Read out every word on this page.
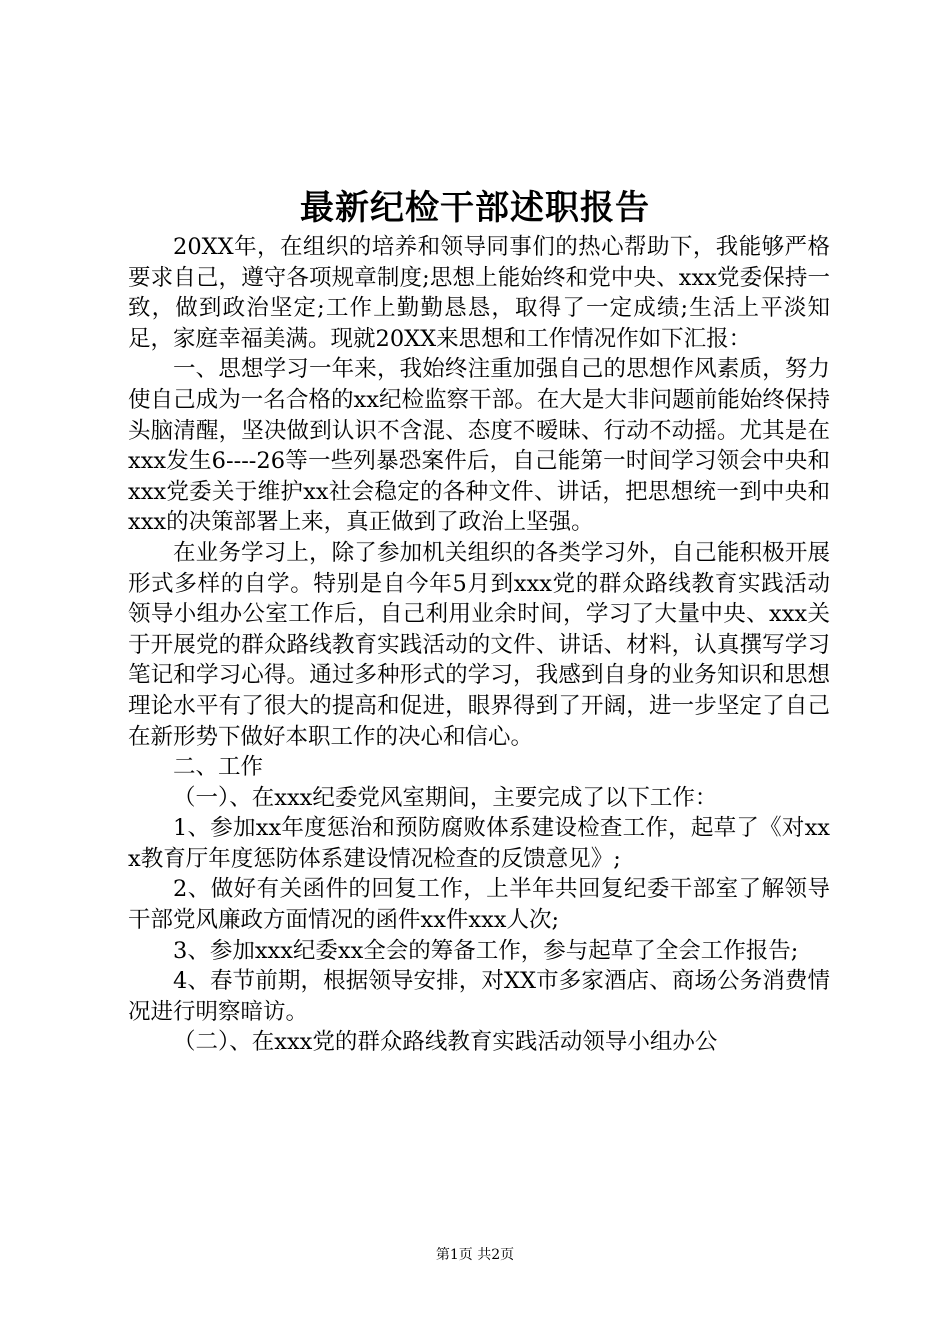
最新纪检干部述职报告

20XX年，在组织的培养和领导同事们的热心帮助下，我能够严格要求自己，遵守各项规章制度;思想上能始终和党中央、xxx党委保持一致，做到政治坚定;工作上勤勤恳恳，取得了一定成绩;生活上平淡知足，家庭幸福美满。现就20XX来思想和工作情况作如下汇报：

一、思想学习一年来，我始终注重加强自己的思想作风素质，努力使自己成为一名合格的xx纪检监察干部。在大是大非问题前能始终保持头脑清醒，坚决做到认识不含混、态度不暧昧、行动不动摇。尤其是在xxx发生6----26等一些列暴恐案件后，自己能第一时间学习领会中央和xxx党委关于维护xx社会稳定的各种文件、讲话，把思想统一到中央和xxx的决策部署上来，真正做到了政治上坚强。

在业务学习上，除了参加机关组织的各类学习外，自己能积极开展形式多样的自学。特别是自今年5月到xxx党的群众路线教育实践活动领导小组办公室工作后，自己利用业余时间，学习了大量中央、xxx关于开展党的群众路线教育实践活动的文件、讲话、材料，认真撰写学习笔记和学习心得。通过多种形式的学习，我感到自身的业务知识和思想理论水平有了很大的提高和促进，眼界得到了开阔，进一步坚定了自己在新形势下做好本职工作的决心和信心。

二、工作

（一）、在xxx纪委党风室期间，主要完成了以下工作：

1、参加xx年度惩治和预防腐败体系建设检查工作，起草了《对xxx教育厅年度惩防体系建设情况检查的反馈意见》;

2、做好有关函件的回复工作，上半年共回复纪委干部室了解领导干部党风廉政方面情况的函件xx件xxx人次;

3、参加xxx纪委xx全会的筹备工作，参与起草了全会工作报告;

4、春节前期，根据领导安排，对XX市多家酒店、商场公务消费情况进行明察暗访。

（二）、在xxx党的群众路线教育实践活动领导小组办公

第1页 共2页
